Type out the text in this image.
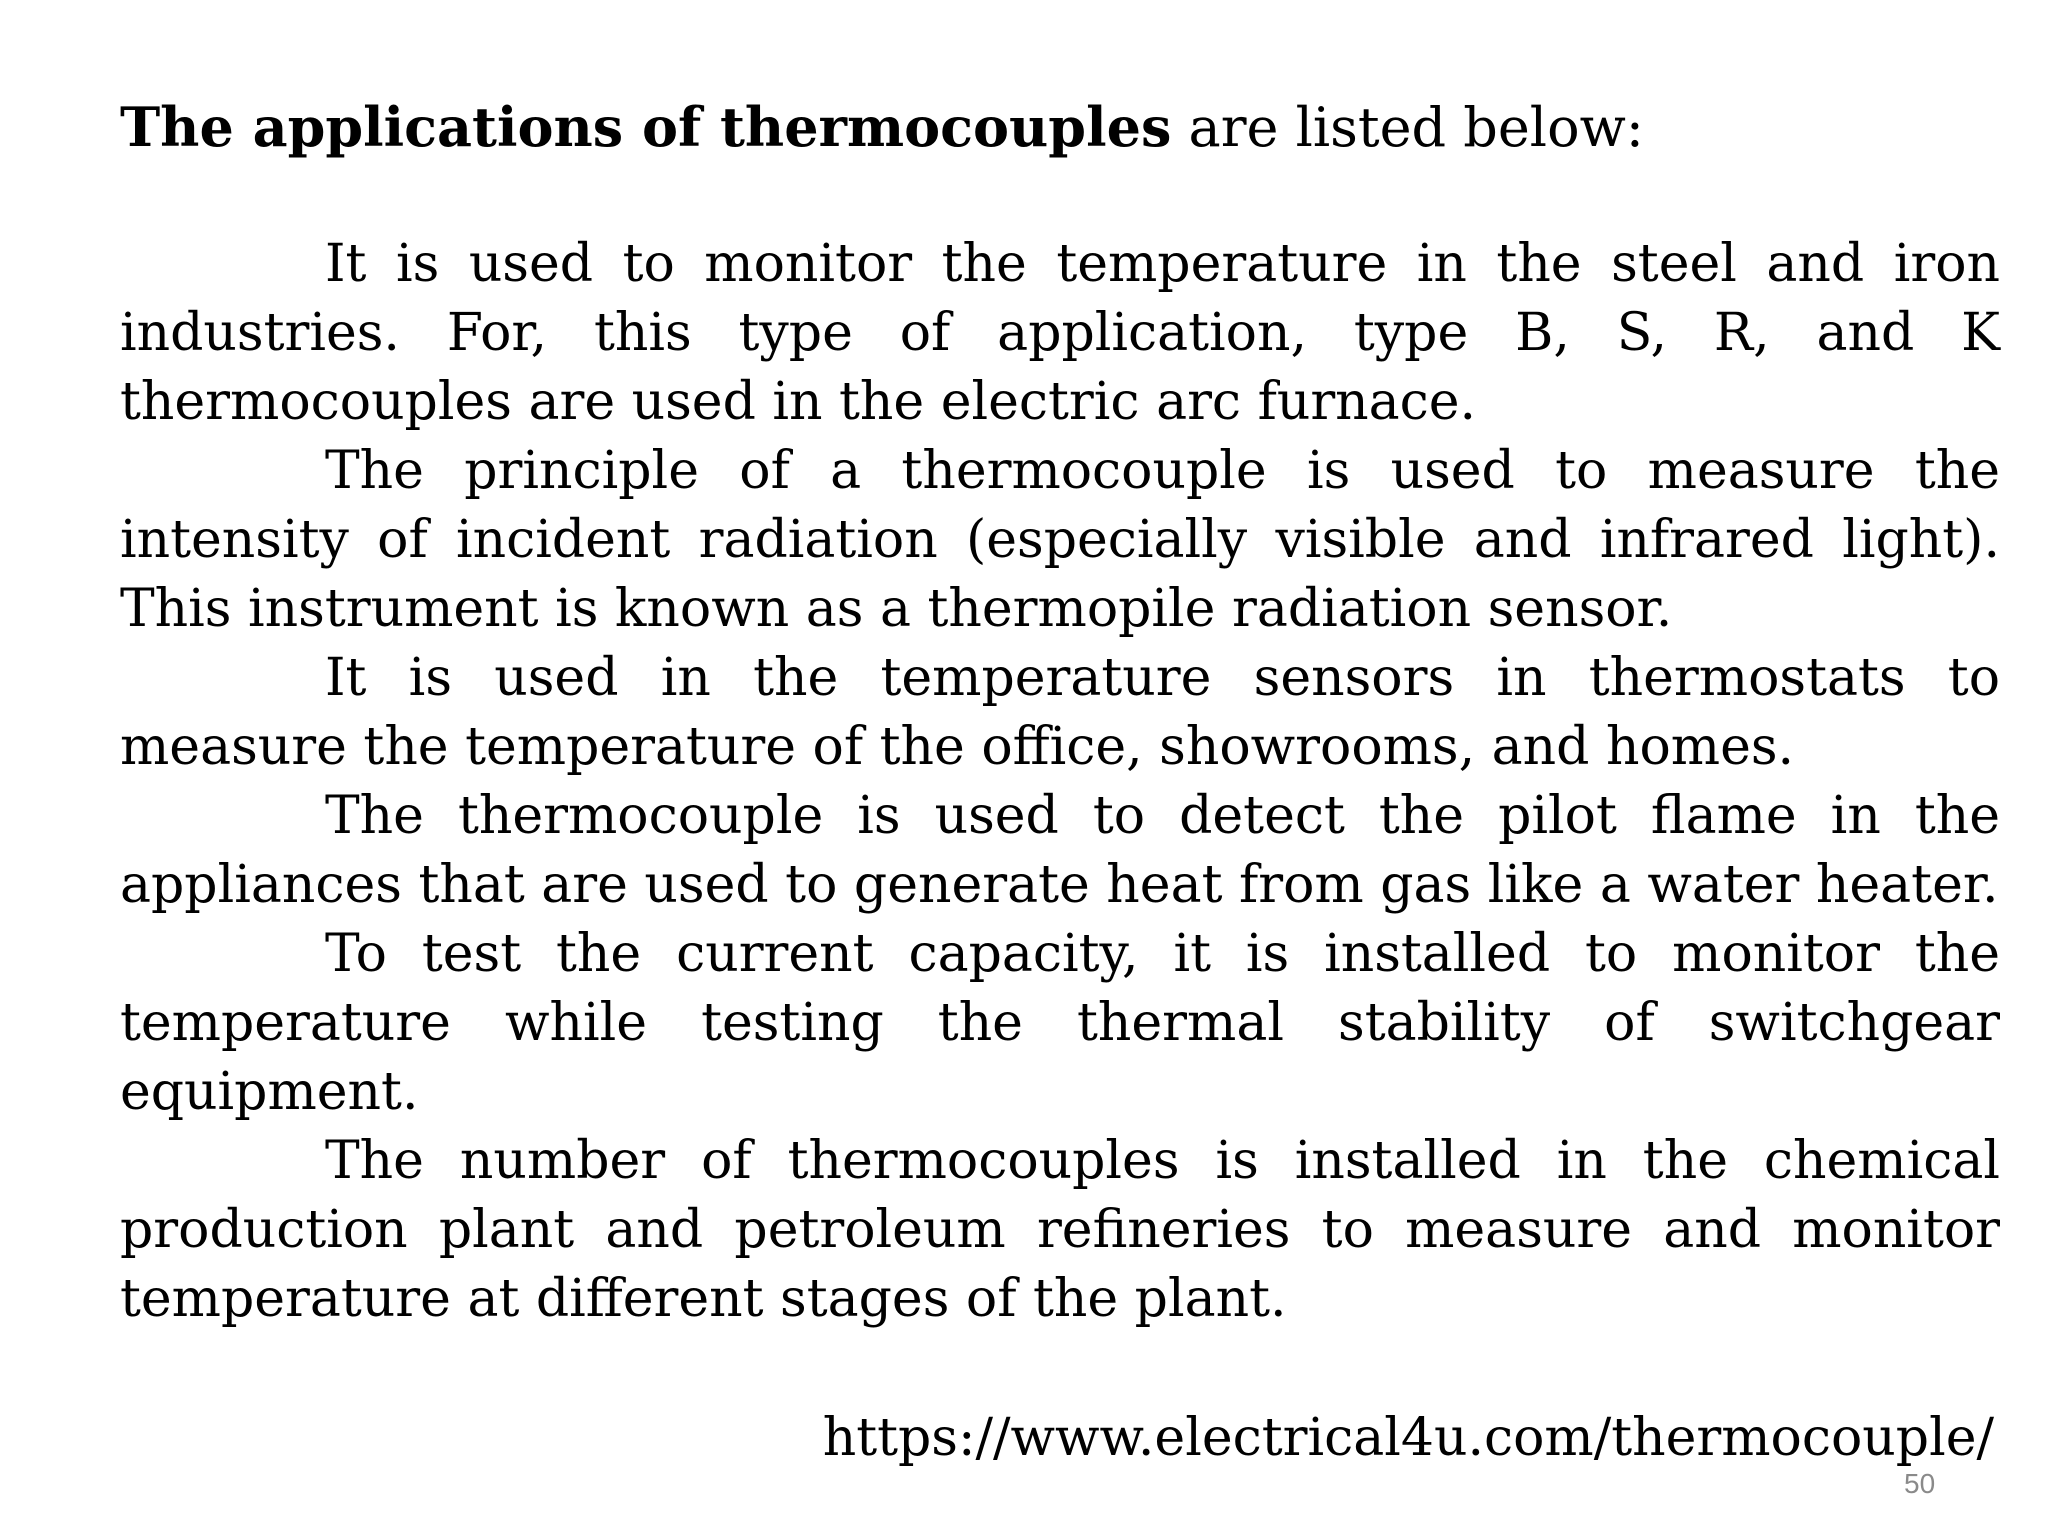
The applications of thermocouples are listed below:

It is used to monitor the temperature in the steel and iron industries. For, this type of application, type B, S, R, and K thermocouples are used in the electric arc furnace.

The principle of a thermocouple is used to measure the intensity of incident radiation (especially visible and infrared light). This instrument is known as a thermopile radiation sensor.

It is used in the temperature sensors in thermostats to measure the temperature of the office, showrooms, and homes.

The thermocouple is used to detect the pilot flame in the appliances that are used to generate heat from gas like a water heater.

To test the current capacity, it is installed to monitor the temperature while testing the thermal stability of switchgear equipment.

The number of thermocouples is installed in the chemical production plant and petroleum refineries to measure and monitor temperature at different stages of the plant.

https://www.electrical4u.com/thermocouple/
50
